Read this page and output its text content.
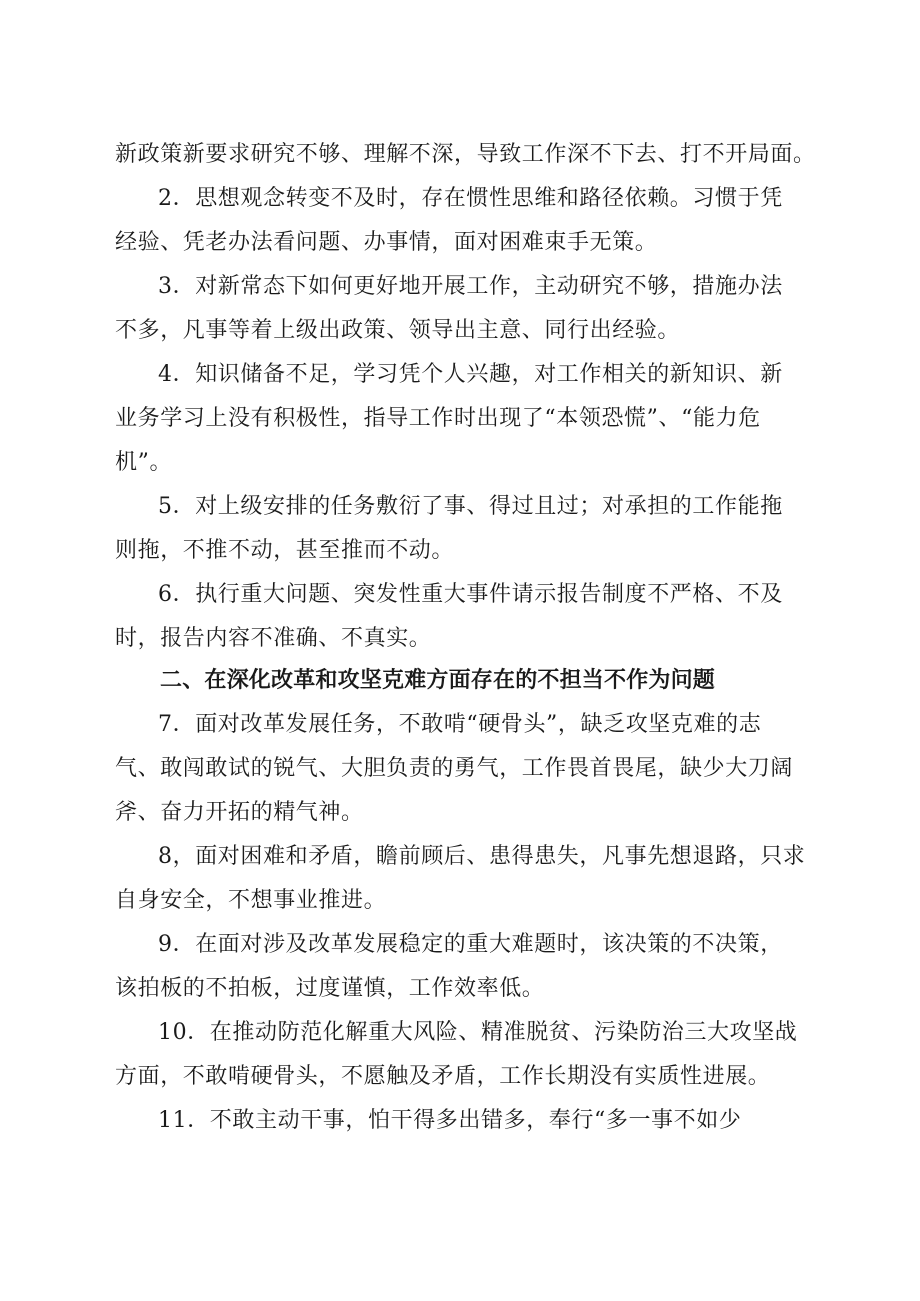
新政策新要求研究不够、理解不深，导致工作深不下去、打不开局面。
2．思想观念转变不及时，存在惯性思维和路径依赖。习惯于凭
经验、凭老办法看问题、办事情，面对困难束手无策。
3．对新常态下如何更好地开展工作，主动研究不够，措施办法
不多，凡事等着上级出政策、领导出主意、同行出经验。
4．知识储备不足，学习凭个人兴趣，对工作相关的新知识、新
业务学习上没有积极性，指导工作时出现了“本领恐慌”、“能力危
机”。
5．对上级安排的任务敷衍了事、得过且过；对承担的工作能拖
则拖，不推不动，甚至推而不动。
6．执行重大问题、突发性重大事件请示报告制度不严格、不及
时，报告内容不准确、不真实。
二、在深化改革和攻坚克难方面存在的不担当不作为问题
7．面对改革发展任务，不敢啃“硬骨头”，缺乏攻坚克难的志
气、敢闯敢试的锐气、大胆负责的勇气，工作畏首畏尾，缺少大刀阔
斧、奋力开拓的精气神。
8，面对困难和矛盾，瞻前顾后、患得患失，凡事先想退路，只求
自身安全，不想事业推进。
9．在面对涉及改革发展稳定的重大难题时，该决策的不决策，
该拍板的不拍板，过度谨慎，工作效率低。
10．在推动防范化解重大风险、精准脱贫、污染防治三大攻坚战
方面，不敢啃硬骨头，不愿触及矛盾，工作长期没有实质性进展。
11．不敢主动干事，怕干得多出错多，奉行“多一事不如少
